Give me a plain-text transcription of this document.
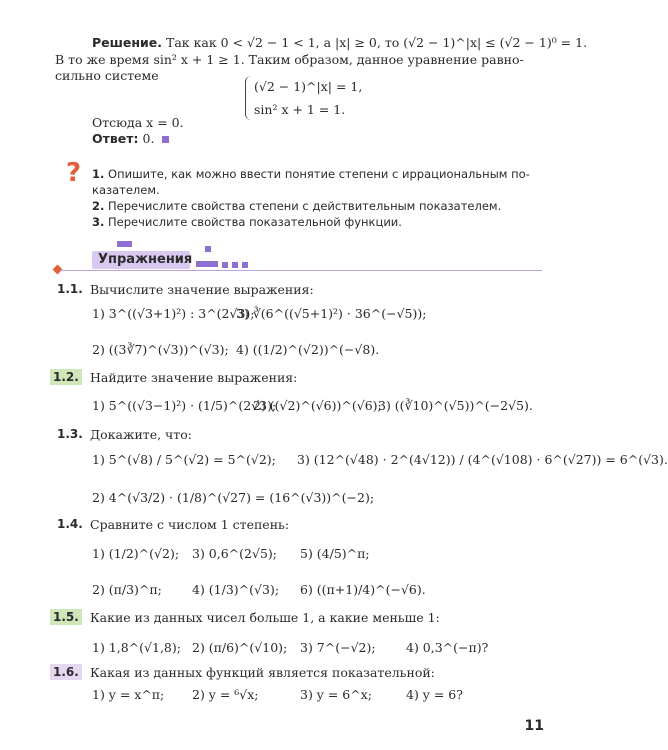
Решение. Так как 0 < √2 − 1 < 1, а |x| ≥ 0, то (√2 − 1)^|x| ≤ (√2 − 1)⁰ = 1.
В то же время sin² x + 1 ≥ 1. Таким образом, данное уравнение равно-
сильно системе
(√2 − 1)^|x| = 1,
sin² x + 1 = 1.
Отсюда x = 0.
Ответ: 0.
? 1. Опишите, как можно ввести понятие степени с иррациональным по-
казателем.
2. Перечислите свойства степени с действительным показателем.
3. Перечислите свойства показательной функции.
Упражнения
1.1. Вычислите значение выражения:
1) 3^((√3+1)²) : 3^(2√3);
3) ∛(6^((√5+1)²) · 36^(−√5));
2) ((3∛7)^(√3))^(√3); 4) ((1/2)^(√2))^(−√8).
1.2. Найдите значение выражения:
1) 5^((√3−1)²) · (1/5)^(2√3);
2) ((√2)^(√6))^(√6);
3) ((∛10)^(√5))^(−2√5).
1.3. Докажите, что:
1) 5^(√8) / 5^(√2) = 5^(√2); 3) (12^(√48) · 2^(4√12)) / (4^(√108) · 6^(√27)) = 6^(√3).
2) 4^(√3/2) · (1/8)^(√27) = (16^(√3))^(−2);
1.4. Сравните с числом 1 степень:
1) (1/2)^(√2); 3) 0,6^(2√5); 5) (4/5)^π;
2) (π/3)^π; 4) (1/3)^(√3); 6) ((π+1)/4)^(−√6).
1.5. Какие из данных чисел больше 1, а какие меньше 1:
1) 1,8^(√1,8); 2) (π/6)^(√10); 3) 7^(−√2); 4) 0,3^(−π)?
1.6. Какая из данных функций является показательной:
1) y = x^π; 2) y = ⁶√x;	3) y = 6^x;	4) y = 6?
11
